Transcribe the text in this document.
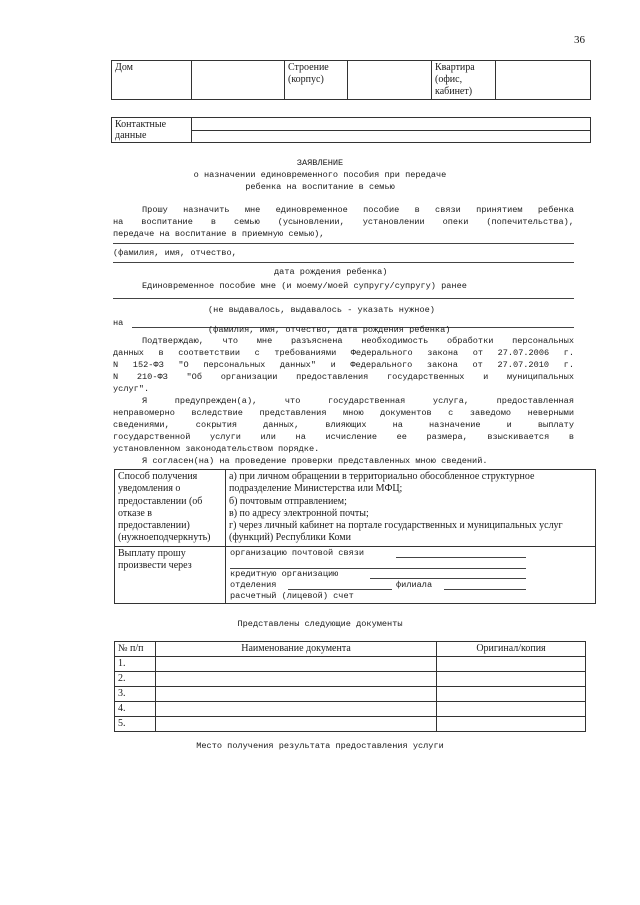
36
Дом		Строение (корпус)		Квартира (офис, кабинет)	
Контактные данные	

ЗАЯВЛЕНИЕ
о назначении единовременного пособия при передаче
ребенка на воспитание в семью
Прошу назначить мне единовременное пособие в связи принятием ребенка
на воспитание в семью (усыновлении, установлении опеки (попечительства),
передаче на воспитание в приемную семью),
(фамилия, имя, отчество,
дата рождения ребенка)
Единовременное пособие мне (и моему/моей супругу/супругу) ранее
(не выдавалось, выдавалось - указать нужное)
на
(фамилия, имя, отчество, дата рождения ребенка)
Подтверждаю, что мне разъяснена необходимость обработки персональных
данных в соответствии с требованиями Федерального закона от 27.07.2006 г.
N 152-ФЗ "О персональных данных" и Федерального закона от 27.07.2010 г.
N 210-ФЗ "Об организации предоставления государственных и муниципальных
услуг".
Я предупрежден(а), что государственная услуга, предоставленная
неправомерно вследствие представления мною документов с заведомо неверными
сведениями, сокрытия данных, влияющих на назначение и выплату
государственной услуги или на исчисление ее размера, взыскивается в
установленном законодательством порядке.
Я согласен(на) на проведение проверки представленных мною сведений.
Способ получения уведомления о предоставлении (об отказе в предоставлении) (нужноеподчеркнуть)	а) при личном обращении в территориально обособленное структурное подразделение Министерства или МФЦ;
б) почтовым отправлением;
в) по адресу электронной почты;
г) через личный кабинет на портале государственных и муниципальных услуг (функций) Республики Коми

Выплату прошу произвести через	организацию почтовой связи
кредитную организацию
отделения филиала
расчетный (лицевой) счет
Представлены следующие документы
№ п/п	Наименование документа	Оригинал/копия
1.		
2.		
3.		
4.		
5.		
Место получения результата предоставления услуги
